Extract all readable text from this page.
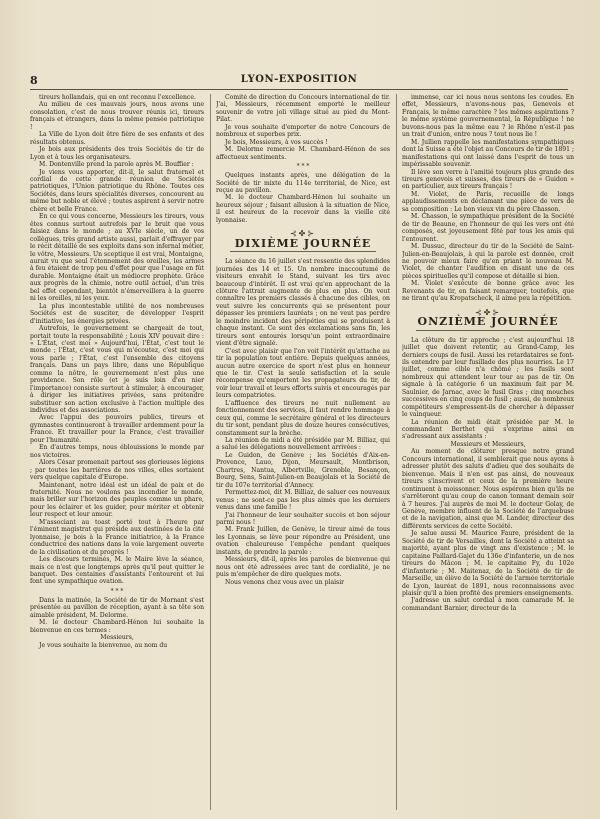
8	LYON-EXPOSITION

tireurs hollandais, qui en ont reconnu l'excellence.

Au milieu de ces mauvais jours, nous avons une consolation, c'est de nous trouver réunis ici, tireurs français et étrangers, dans la même pensée patriotique !

La Ville de Lyon doit être fière de ses enfants et des résultats obtenus.

Je bois aux présidents des trois Sociétés de tir de Lyon et à tous les organisateurs.

M. Dontenville prend la parole après M. Bouffier :

Je viens vous apporter, dit-il, le salut fraternel et cordial de cette grande réunion de Sociétés patriotiques, l'Union patriotique du Rhône. Toutes ces Sociétés, dans leurs spécialités diverses, concourent au même but noble et élevé ; toutes aspirent à servir notre chère et belle France.

En ce qui vous concerne, Messieurs les tireurs, vous êtes connus surtout autrefois par le bruit que vous faisiez dans le monde ; au XVIe siècle, un de vos collègues, très grand artiste aussi, parlait d'effrayer par le récit détaillé de ses exploits dans son infernal métier, le vôtre, Messieurs. Un sceptique il est vrai, Montaigne, aurait vu que seul l'étonnement des oreilles, les armes à feu étaient de trop peu d'effet pour que l'usage en fût durable. Montaigne était un médiocre prophète. Grâce aux progrès de la chimie, notre outil actuel, d'un très bel effet cependant, bientôt n'émerveillera à la guerre ni les oreilles, ni les yeux.

La plus incontestable utilité de nos nombreuses Sociétés est de susciter, de développer l'esprit d'initiative, les énergies privées.

Autrefois, le gouvernement se chargeait de tout, portait toute la responsabilité ; Louis XIV pouvait dire : « L'État, c'est moi » Aujourd'hui, l'État, c'est tout le monde ; l'État, c'est vous qui m'écoutez, c'est moi qui vous parle ; l'État, c'est l'ensemble des citoyens français. Dans un pays libre, dans une République comme la nôtre, le gouvernement n'est plus une providence. Son rôle (et je suis loin d'en nier l'importance) consiste surtout à stimuler, à encourager, à diriger les initiatives privées, sans prétendre substituer son action exclusive à l'action multiple des individus et des associations.

Avec l'appui des pouvoirs publics, tireurs et gymnastes continueront à travailler ardemment pour la France. Et travailler pour la France, c'est travailler pour l'humanité.

En d'autres temps, nous éblouissions le monde par nos victoires.

Alors César promenait partout ses glorieuses légions ; par toutes les barrières de nos villes, elles sortaient vers quelque capitale d'Europe.

Maintenant, notre idéal est un idéal de paix et de fraternité. Nous ne voulons pas incendier le monde, mais briller sur l'horizon des peuples comme un phare, pour les éclairer et les guider, pour mériter et obtenir leur respect et leur amour.

M'associant au toast porté tout à l'heure par l'éminent magistrat qui préside aux destinées de la cité lyonnaise, je bois à la France initiatrice, à la France conductrice des nations dans la voie largement ouverte de la civilisation et du progrès !

Les discours terminés, M. le Maire lève la séance, mais ce n'est que longtemps après qu'il peut quitter le banquet. Des centaines d'assistants l'entourent et lui font une sympathique ovation.

* * *

Dans la matinée, la Société de tir de Mornant s'est présentée au pavillon de réception, ayant à sa tête son aimable président, M. Delorme.

M. le docteur Chambard-Hénon lui souhaite la bienvenue en ces termes :

Messieurs,

Je vous souhaite la bienvenue, au nom du

Comité de direction du Concours international de tir. J'ai, Messieurs, récemment emporté le meilleur souvenir de votre joli village situé au pied du Mont-Pilat.

Je vous souhaite d'emporter de notre Concours de nombreux et superbes prix.

Je bois, Messieurs, à vos succès !

M. Delorme remercie M. Chambard-Hénon de ses affectueux sentiments.

* * *

Quelques instants après, une délégation de la Société de tir mixte du 114e territorial, de Nice, est reçue au pavillon.

M. le docteur Chambard-Hénon lui souhaite un heureux séjour ; faisant allusion à la situation de Nice, il est heureux de la recevoir dans la vieille cité lyonnaise.

⊰✤⊱
DIXIÈME JOURNÉE

La séance du 16 juillet s'est ressentie des splendides journées des 14 et 15. Un nombre inaccoutumé de visiteurs envahit le Stand, suivant les tirs avec beaucoup d'intérêt. Il est vrai qu'en approchant de la clôture l'attrait augmente de plus en plus. On veut connaître les premiers classés à chacune des cibles, on veut suivre les concurrents qui se présentent pour dépasser les premiers lauréats ; on ne veut pas perdre le moindre incident des péripéties qui se produisent à chaque instant. Ce sont des exclamations sans fin, les tireurs sont entourés lorsqu'un point extraordinaire vient d'être signalé.

C'est avec plaisir que l'on voit l'intérêt qu'attache au tir la population tout entière. Depuis quelques années, aucun autre exercice de sport n'est plus en honneur que le tir. C'est la seule satisfaction et la seule récompense qu'emportent les propagateurs du tir, de voir leur travail et leurs efforts suivis et encouragés par leurs compatriotes.

L'affluence des tireurs ne nuit nullement au fonctionnement des services, il faut rendre hommage à ceux qui, comme le secrétaire général et les directeurs du tir sont, pendant plus de douze heures consécutives, constamment sur la brèche.

La réunion de midi a été présidée par M. Billiaz, qui a salué les délégations nouvellement arrivées :

Le Guidon, de Genève ; les Sociétés d'Aix-en-Provence, Lauo, Dijon, Meursault, Montbrison, Chartres, Nantua, Albertville, Grenoble, Besançon, Bourg, Sens, Saint-Julien-en Beaujolais et la Société de tir du 107e territorial d'Annecy.

Permettez-moi, dit M. Billiaz, de saluer ces nouveaux venus ; ne sont-ce pas les plus aimés que les derniers venus dans une famille !

J'ai l'honneur de leur souhaiter succès et bon séjour parmi nous !

M. Frank Juillen, de Genève, le tireur aimé de tous les Lyonnais, se lève pour répondre au Président, une ovation chaleureuse l'empêche pendant quelques instants, de prendre la parole :

Messieurs, dit-il, après les paroles de bienvenue qui nous ont été adressées avec tant de cordialité, je ne puis m'empêcher de dire quelques mots.

Nous venons chez vous avec un plaisir

immense, car ici nous nous sentons les coudes. En effet, Messieurs, n'avons-nous pas, Genevois et Français, le même caractère ? les mêmes aspirations ? le même système gouvernemental, la République ! ne buvons-nous pas la même eau ? le Rhône n'est-il pas un trait d'union, entre nous ? tout nous lie !

M. Jullien rappelle les manifestations sympathiques dont la Suisse a été l'objet au Concours de tir de 1891 ; manifestations qui ont laissé dans l'esprit de tous un impérissable souvenir.

Il lève son verre à l'amitié toujours plus grande des tireurs genevois et suisses, des tireurs de « Guidon » en particulier, aux tireurs français !

M. Violet, de Paris, recueille de longs applaudissements en déclamant une pièce de vers de sa composition : Le bon vieux vin du père Chasson.

M. Chasson, le sympathique président de la Société de tir de Beaune, en l'honneur de qui les vers ont été composés, est joyeusement fêté par tous les amis qui l'entourent.

M. Dussuc, directeur du tir de la Société de Saint-Julien-en-Beaujolais, à qui la parole est donnée, croit ne pouvoir mieux faire qu'en priant le nouveau M. Violet, de chanter l'audition en disant une de ces pièces spirituelles qu'il compose et détaille si bien.

M. Violet s'exécute de bonne grâce avec les Revenants de tir, en faisant remarquer, toutefois, que ne tirant qu'au Kropatscheck, il aime peu la répétition.

⊰✤⊱
ONZIÈME JOURNÉE

La clôture du tir approche ; c'est aujourd'hui 18 juillet que doivent retentir, au Grand-Camp, les derniers coups de fusil. Aussi les retardataires se font-ils entendre par leur fusillade des plus nourries. Le 17 juillet, comme cible n'a chômé ; les fusils sont nombreux qui attendent leur tour au pas de tir. On signale à la catégorie 6 un maximum fait par M. Saulnier, de Jarnac, avec le fusil Gras ; cinq mouches successives en cinq coups de fusil ; aussi, de nombreux compétiteurs s'empressent-ils de chercher à dépasser le vainqueur.

La réunion de midi était présidée par M. le commandant Berthet qui s'exprime ainsi en s'adressant aux assistants :

Messieurs et Messieurs,

Au moment de clôturer presque notre grand Concours international, il semblerait que nous ayons à adresser plutôt des saluts d'adieu que des souhaits de bienvenue. Mais il n'en est pas ainsi, de nouveaux tireurs s'inscrivent et ceux de la première heure continuent à moissonner. Nous espérons bien qu'ils ne s'arrêteront qu'au coup de canon tonnant demain soir à 7 heures. J'ai auprès de moi M. le docteur Golay, de Genève, membre influent de la Société de l'arquebuse et de la navigation, ainsi que M. Lander, directeur des différents services de cette Société.

Je salue aussi M. Maurice Faure, président de la Société de tir de Versailles, dont la Société a atteint sa majorité, ayant plus de vingt ans d'existence ; M. le capitaine Paillard-Gajet du 136e d'infanterie, un de nos tireurs de Mâcon ; M. le capitaine Fy, du 102e d'infanterie ; M. Maitenaz, de la Société de tir de Marseille, un élève de la Société de l'armée territoriale de Lyon, lauréat de 1891, nous reconnaissons avec plaisir qu'il a bien profité des premiers enseignements.

J'adresse un salut cordial à mon camarade M. le commandant Barnier, directeur de la
